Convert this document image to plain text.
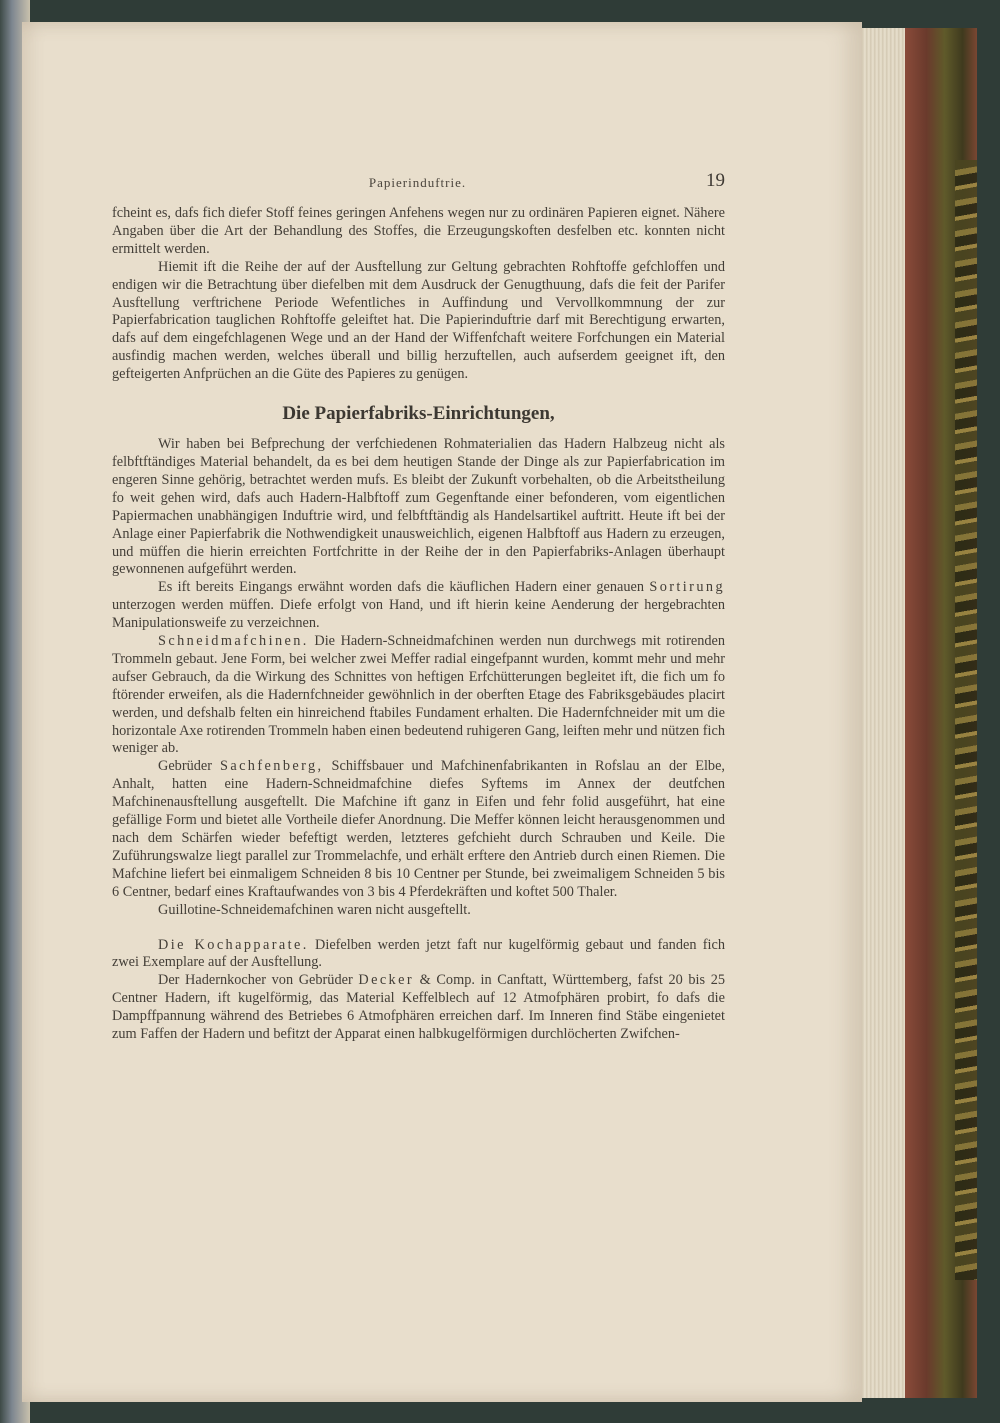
Papierinduftrie.	19

fcheint es, dafs fich diefer Stoff feines geringen Anfehens wegen nur zu ordinären Papieren eignet. Nähere Angaben über die Art der Behandlung des Stoffes, die Erzeugungskoften desfelben etc. konnten nicht ermittelt werden.

Hiemit ift die Reihe der auf der Ausftellung zur Geltung gebrachten Rohftoffe gefchloffen und endigen wir die Betrachtung über diefelben mit dem Ausdruck der Genugthuung, dafs die feit der Parifer Ausftellung verftrichene Periode Wefentliches in Auffindung und Vervollkommnung der zur Papierfabrication tauglichen Rohftoffe geleiftet hat. Die Papierinduftrie darf mit Berechtigung erwarten, dafs auf dem eingefchlagenen Wege und an der Hand der Wiffenfchaft weitere Forfchungen ein Material ausfindig machen werden, welches überall und billig herzuftellen, auch aufserdem geeignet ift, den gefteigerten Anfprüchen an die Güte des Papieres zu genügen.

Die Papierfabriks-Einrichtungen,

Wir haben bei Befprechung der verfchiedenen Rohmaterialien das Hadern Halbzeug nicht als felbftftändiges Material behandelt, da es bei dem heutigen Stande der Dinge als zur Papierfabrication im engeren Sinne gehörig, betrachtet werden mufs. Es bleibt der Zukunft vorbehalten, ob die Arbeitstheilung fo weit gehen wird, dafs auch Hadern-Halbftoff zum Gegenftande einer befonderen, vom eigentlichen Papiermachen unabhängigen Induftrie wird, und felbftftändig als Handelsartikel auftritt. Heute ift bei der Anlage einer Papierfabrik die Nothwendigkeit unausweichlich, eigenen Halbftoff aus Hadern zu erzeugen, und müffen die hierin erreichten Fortfchritte in der Reihe der in den Papierfabriks-Anlagen überhaupt gewonnenen aufgeführt werden.

Es ift bereits Eingangs erwähnt worden dafs die käuflichen Hadern einer genauen Sortirung unterzogen werden müffen. Diefe erfolgt von Hand, und ift hierin keine Aenderung der hergebrachten Manipulationsweife zu verzeichnen.

Schneidmafchinen. Die Hadern-Schneidmafchinen werden nun durchwegs mit rotirenden Trommeln gebaut. Jene Form, bei welcher zwei Meffer radial eingefpannt wurden, kommt mehr und mehr aufser Gebrauch, da die Wirkung des Schnittes von heftigen Erfchütterungen begleitet ift, die fich um fo ftörender erweifen, als die Hadernfchneider gewöhnlich in der oberften Etage des Fabriksgebäudes placirt werden, und defshalb felten ein hinreichend ftabiles Fundament erhalten. Die Hadernfchneider mit um die horizontale Axe rotirenden Trommeln haben einen bedeutend ruhigeren Gang, leiften mehr und nützen fich weniger ab.

Gebrüder Sachfenberg, Schiffsbauer und Mafchinenfabrikanten in Rofslau an der Elbe, Anhalt, hatten eine Hadern-Schneidmafchine diefes Syftems im Annex der deutfchen Mafchinenausftellung ausgeftellt. Die Mafchine ift ganz in Eifen und fehr folid ausgeführt, hat eine gefällige Form und bietet alle Vortheile diefer Anordnung. Die Meffer können leicht herausgenommen und nach dem Schärfen wieder befeftigt werden, letzteres gefchieht durch Schrauben und Keile. Die Zuführungswalze liegt parallel zur Trommelachfe, und erhält erftere den Antrieb durch einen Riemen. Die Mafchine liefert bei einmaligem Schneiden 8 bis 10 Centner per Stunde, bei zweimaligem Schneiden 5 bis 6 Centner, bedarf eines Kraftaufwandes von 3 bis 4 Pferdekräften und koftet 500 Thaler.

Guillotine-Schneidemafchinen waren nicht ausgeftellt.

Die Kochapparate. Diefelben werden jetzt faft nur kugelförmig gebaut und fanden fich zwei Exemplare auf der Ausftellung.

Der Hadernkocher von Gebrüder Decker & Comp. in Canftatt, Württemberg, fafst 20 bis 25 Centner Hadern, ift kugelförmig, das Material Keffelblech auf 12 Atmofphären probirt, fo dafs die Dampffpannung während des Betriebes 6 Atmofphären erreichen darf. Im Inneren find Stäbe eingenietet zum Faffen der Hadern und befitzt der Apparat einen halbkugelförmigen durchlöcherten Zwifchen-
